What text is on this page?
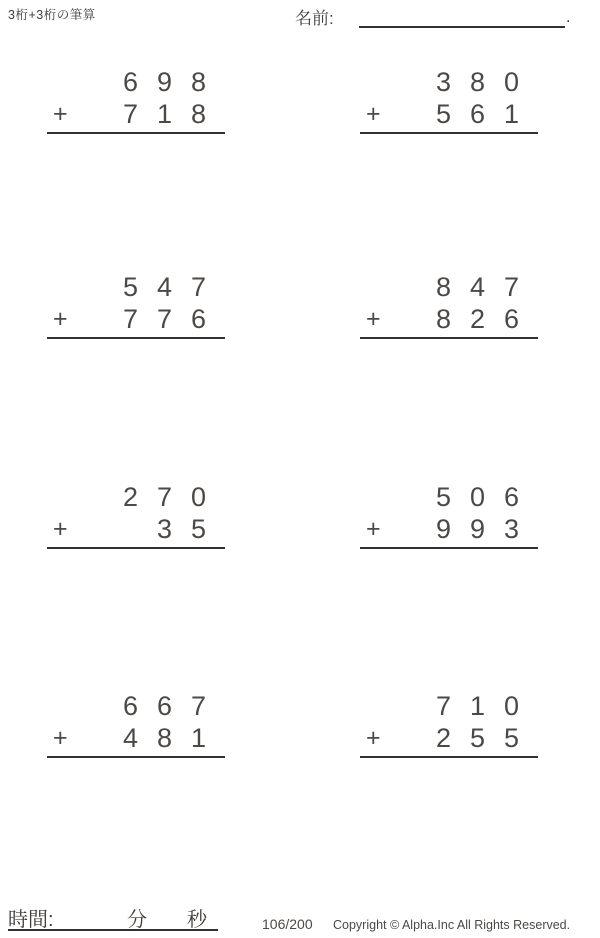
3桁+3桁の筆算	名前:	.
698
+ 718
380
+ 561
547
+ 776
847
+ 826
270
+	35
506
+ 993
667
+ 481
710
+ 255
時間:	分 秒	106/200 Copyright © Alpha.Inc All Rights Reserved.
